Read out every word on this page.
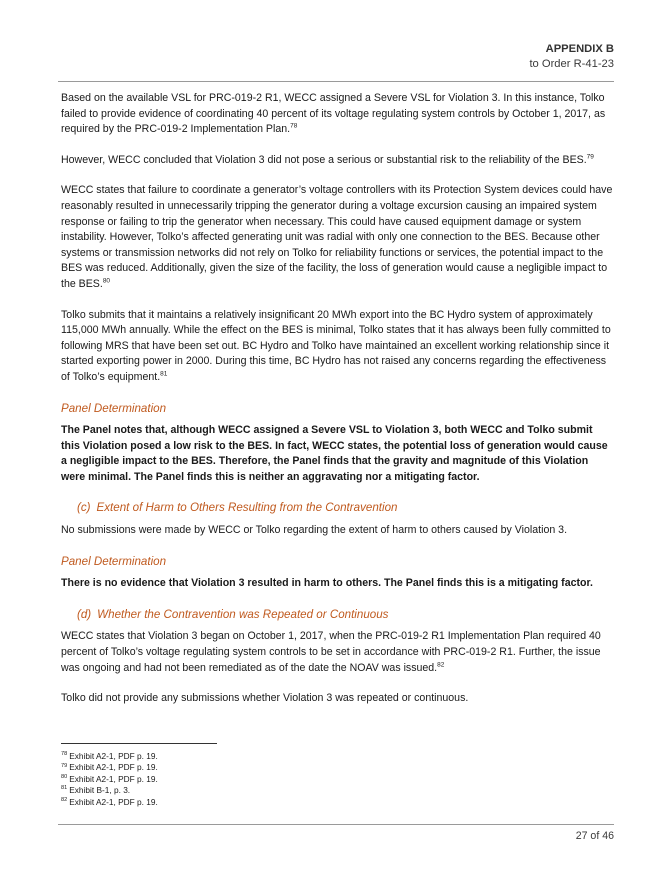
APPENDIX B
to Order R-41-23

Based on the available VSL for PRC-019-2 R1, WECC assigned a Severe VSL for Violation 3. In this instance, Tolko failed to provide evidence of coordinating 40 percent of its voltage regulating system controls by October 1, 2017, as required by the PRC-019-2 Implementation Plan.$^{78}$

However, WECC concluded that Violation 3 did not pose a serious or substantial risk to the reliability of the BES.$^{79}$

WECC states that failure to coordinate a generator’s voltage controllers with its Protection System devices could have reasonably resulted in unnecessarily tripping the generator during a voltage excursion causing an impaired system response or failing to trip the generator when necessary. This could have caused equipment damage or system instability. However, Tolko’s affected generating unit was radial with only one connection to the BES. Because other systems or transmission networks did not rely on Tolko for reliability functions or services, the potential impact to the BES was reduced. Additionally, given the size of the facility, the loss of generation would cause a negligible impact to the BES.$^{80}$

Tolko submits that it maintains a relatively insignificant 20 MWh export into the BC Hydro system of approximately 115,000 MWh annually. While the effect on the BES is minimal, Tolko states that it has always been fully committed to following MRS that have been set out. BC Hydro and Tolko have maintained an excellent working relationship since it started exporting power in 2000. During this time, BC Hydro has not raised any concerns regarding the effectiveness of Tolko’s equipment.$^{81}$

Panel Determination

The Panel notes that, although WECC assigned a Severe VSL to Violation 3, both WECC and Tolko submit this Violation posed a low risk to the BES. In fact, WECC states, the potential loss of generation would cause a negligible impact to the BES. Therefore, the Panel finds that the gravity and magnitude of this Violation were minimal. The Panel finds this is neither an aggravating nor a mitigating factor.

(c) Extent of Harm to Others Resulting from the Contravention

No submissions were made by WECC or Tolko regarding the extent of harm to others caused by Violation 3.

Panel Determination

There is no evidence that Violation 3 resulted in harm to others. The Panel finds this is a mitigating factor.

(d) Whether the Contravention was Repeated or Continuous

WECC states that Violation 3 began on October 1, 2017, when the PRC-019-2 R1 Implementation Plan required 40 percent of Tolko’s voltage regulating system controls to be set in accordance with PRC-019-2 R1. Further, the issue was ongoing and had not been remediated as of the date the NOAV was issued.$^{82}$

Tolko did not provide any submissions whether Violation 3 was repeated or continuous.

$^{78}$ Exhibit A2-1, PDF p. 19.
$^{79}$ Exhibit A2-1, PDF p. 19.
$^{80}$ Exhibit A2-1, PDF p. 19.
$^{81}$ Exhibit B-1, p. 3.
$^{82}$ Exhibit A2-1, PDF p. 19.
27 of 46
